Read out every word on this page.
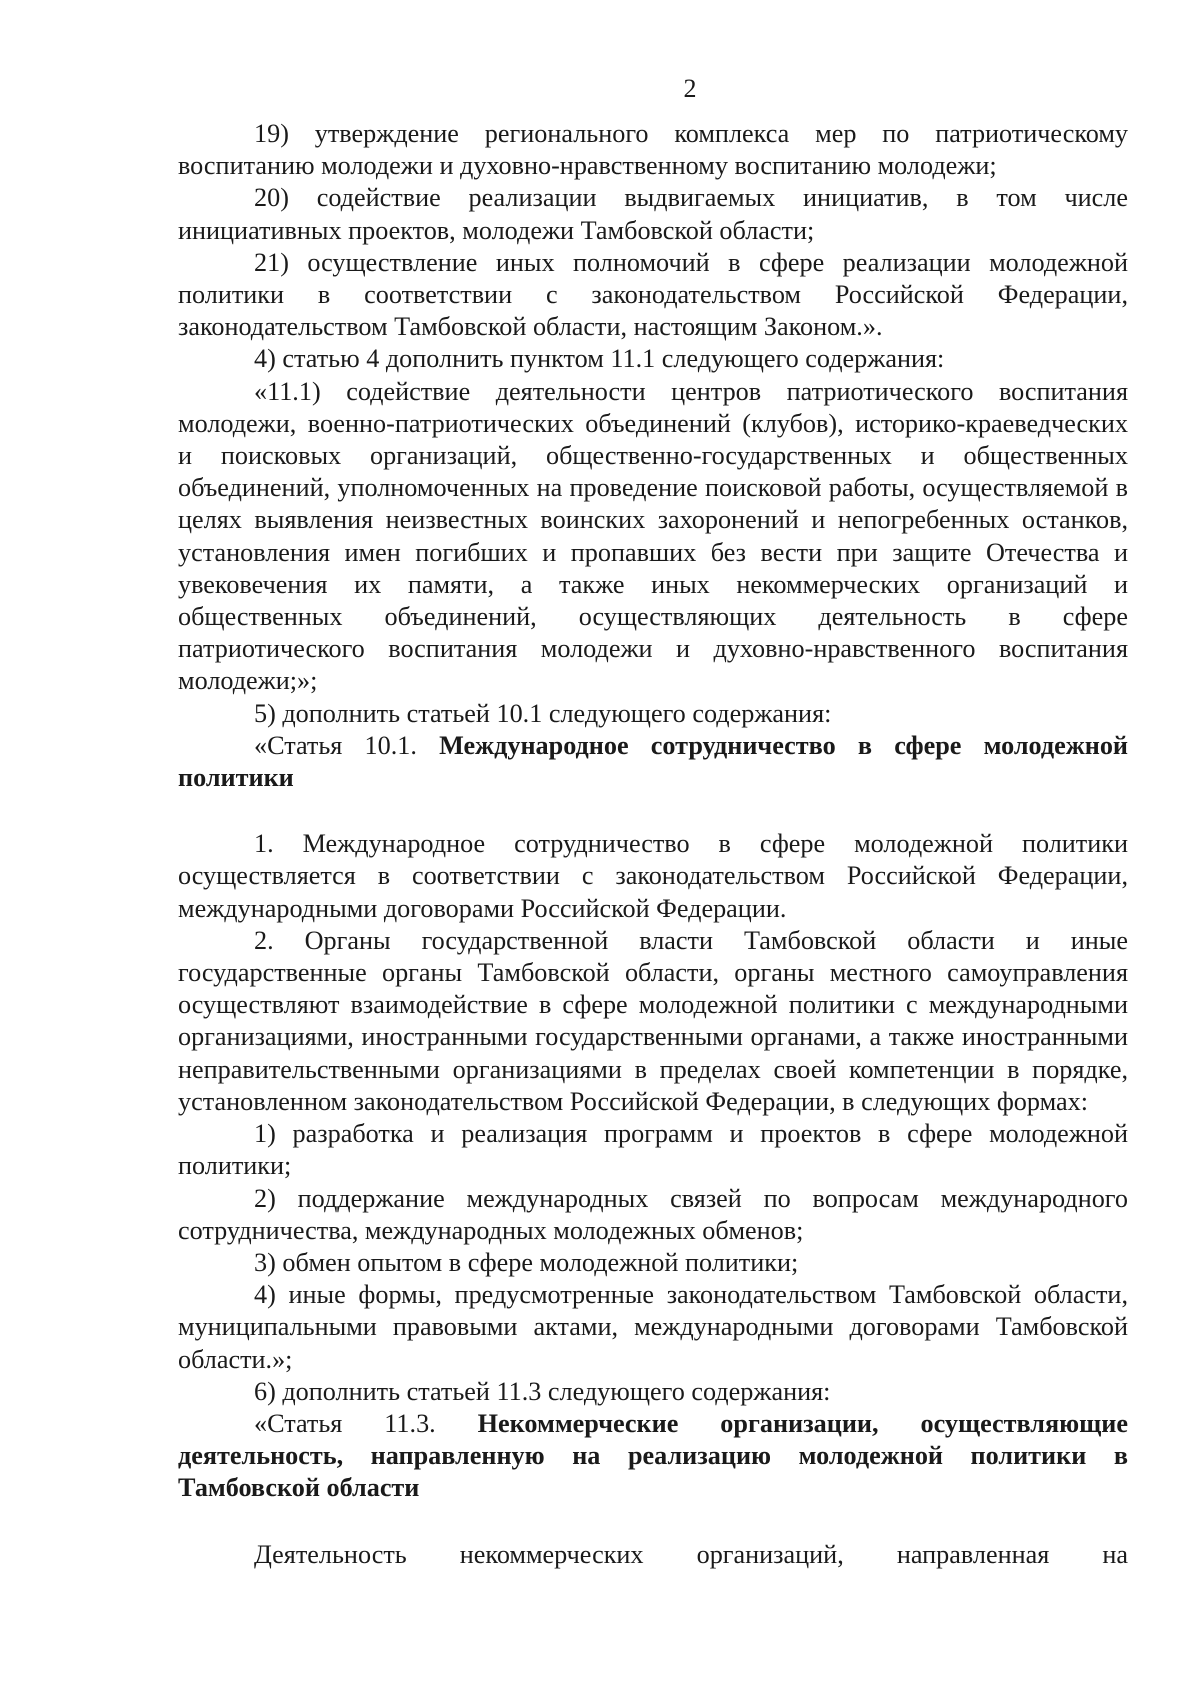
2

19) утверждение регионального комплекса мер по патриотическому воспитанию молодежи и духовно-нравственному воспитанию молодежи;

20) содействие реализации выдвигаемых инициатив, в том числе инициативных проектов, молодежи Тамбовской области;

21) осуществление иных полномочий в сфере реализации молодежной политики в соответствии с законодательством Российской Федерации, законодательством Тамбовской области, настоящим Законом.».

4) статью 4 дополнить пунктом 11.1 следующего содержания:

«11.1) содействие деятельности центров патриотического воспитания молодежи, военно-патриотических объединений (клубов), историко-краеведческих и поисковых организаций, общественно-государственных и общественных объединений, уполномоченных на проведение поисковой работы, осуществляемой в целях выявления неизвестных воинских захоронений и непогребенных останков, установления имен погибших и пропавших без вести при защите Отечества и увековечения их памяти, а также иных некоммерческих организаций и общественных объединений, осуществляющих деятельность в сфере патриотического воспитания молодежи и духовно-нравственного воспитания молодежи;»;

5) дополнить статьей 10.1 следующего содержания:

«Статья 10.1. Международное сотрудничество в сфере молодежной политики

1. Международное сотрудничество в сфере молодежной политики осуществляется в соответствии с законодательством Российской Федерации, международными договорами Российской Федерации.

2. Органы государственной власти Тамбовской области и иные государственные органы Тамбовской области, органы местного самоуправления осуществляют взаимодействие в сфере молодежной политики с международными организациями, иностранными государственными органами, а также иностранными неправительственными организациями в пределах своей компетенции в порядке, установленном законодательством Российской Федерации, в следующих формах:

1) разработка и реализация программ и проектов в сфере молодежной политики;

2) поддержание международных связей по вопросам международного сотрудничества, международных молодежных обменов;

3) обмен опытом в сфере молодежной политики;

4) иные формы, предусмотренные законодательством Тамбовской области, муниципальными правовыми актами, международными договорами Тамбовской области.»;

6) дополнить статьей 11.3 следующего содержания:

«Статья 11.3. Некоммерческие организации, осуществляющие деятельность, направленную на реализацию молодежной политики в Тамбовской области

Деятельность некоммерческих организаций, направленная на
